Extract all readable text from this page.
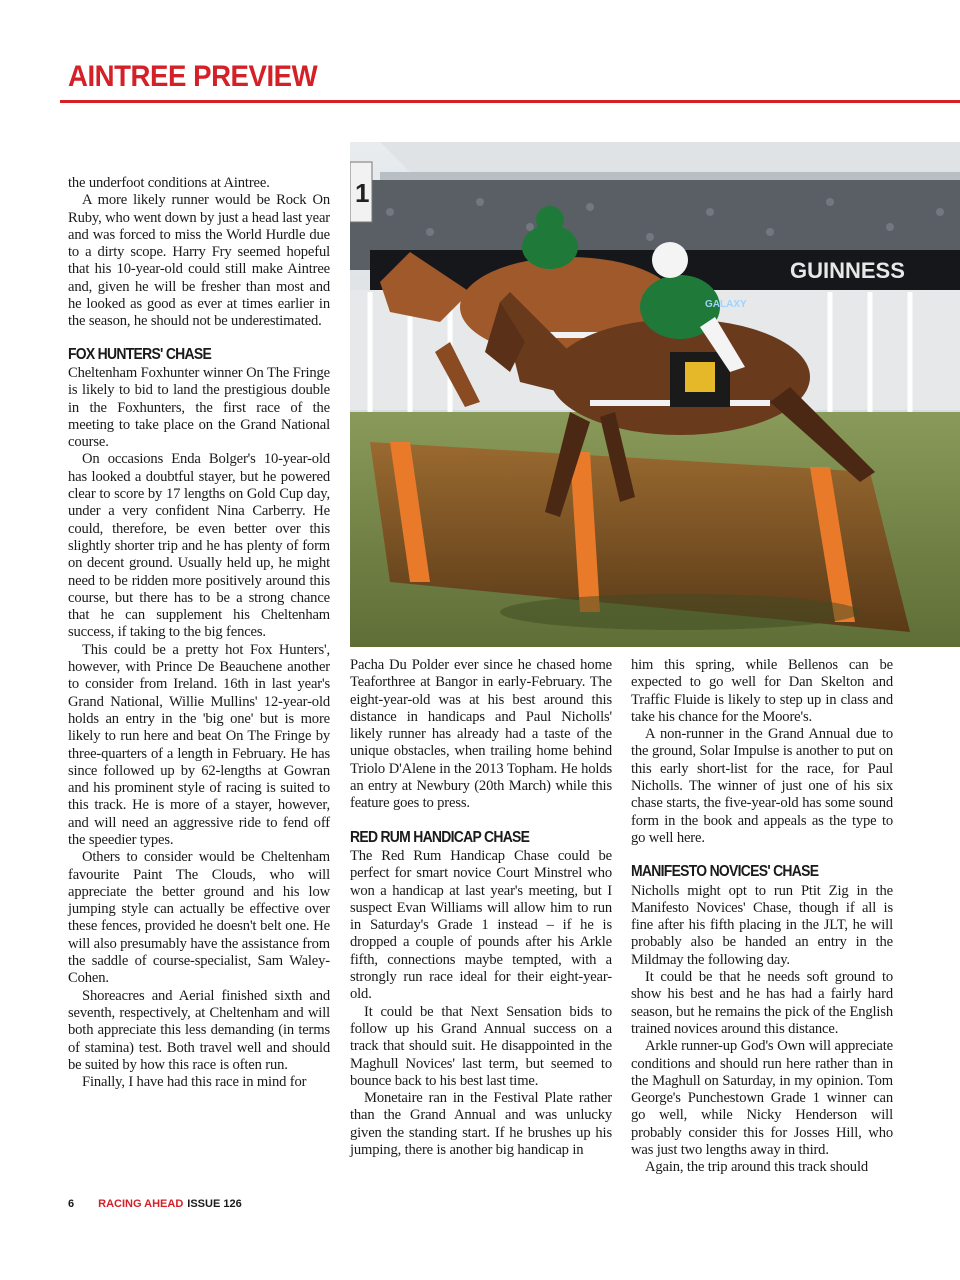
AINTREE PREVIEW
1
GUINNESS
GALAXY

the underfoot conditions at Aintree.

A more likely runner would be Rock On Ruby, who went down by just a head last year and was forced to miss the World Hurdle due to a dirty scope. Harry Fry seemed hopeful that his 10-year-old could still make Aintree and, given he will be fresher than most and he looked as good as ever at times earlier in the season, he should not be underestimated.

FOX HUNTERS' CHASE

Cheltenham Foxhunter winner On The Fringe is likely to bid to land the prestigious double in the Foxhunters, the first race of the meeting to take place on the Grand National course.

On occasions Enda Bolger's 10-year-old has looked a doubtful stayer, but he powered clear to score by 17 lengths on Gold Cup day, under a very confident Nina Carberry. He could, therefore, be even better over this slightly shorter trip and he has plenty of form on decent ground. Usually held up, he might need to be ridden more positively around this course, but there has to be a strong chance that he can supplement his Cheltenham success, if taking to the big fences.

This could be a pretty hot Fox Hunters', however, with Prince De Beauchene another to consider from Ireland. 16th in last year's Grand National, Willie Mullins' 12-year-old holds an entry in the 'big one' but is more likely to run here and beat On The Fringe by three-quarters of a length in February. He has since followed up by 62-lengths at Gowran and his prominent style of racing is suited to this track. He is more of a stayer, however, and will need an aggressive ride to fend off the speedier types.

Others to consider would be Cheltenham favourite Paint The Clouds, who will appreciate the better ground and his low jumping style can actually be effective over these fences, provided he doesn't belt one. He will also presumably have the assistance from the saddle of course-specialist, Sam Waley-Cohen.

Shoreacres and Aerial finished sixth and seventh, respectively, at Cheltenham and will both appreciate this less demanding (in terms of stamina) test. Both travel well and should be suited by how this race is often run.

Finally, I have had this race in mind for

Pacha Du Polder ever since he chased home Teaforthree at Bangor in early-February. The eight-year-old was at his best around this distance in handicaps and Paul Nicholls' likely runner has already had a taste of the unique obstacles, when trailing home behind Triolo D'Alene in the 2013 Topham. He holds an entry at Newbury (20th March) while this feature goes to press.

RED RUM HANDICAP CHASE

The Red Rum Handicap Chase could be perfect for smart novice Court Minstrel who won a handicap at last year's meeting, but I suspect Evan Williams will allow him to run in Saturday's Grade 1 instead – if he is dropped a couple of pounds after his Arkle fifth, connections maybe tempted, with a strongly run race ideal for their eight-year-old.

It could be that Next Sensation bids to follow up his Grand Annual success on a track that should suit. He disappointed in the Maghull Novices' last term, but seemed to bounce back to his best last time.

Monetaire ran in the Festival Plate rather than the Grand Annual and was unlucky given the standing start. If he brushes up his jumping, there is another big handicap in

him this spring, while Bellenos can be expected to go well for Dan Skelton and Traffic Fluide is likely to step up in class and take his chance for the Moore's.

A non-runner in the Grand Annual due to the ground, Solar Impulse is another to put on this early short-list for the race, for Paul Nicholls. The winner of just one of his six chase starts, the five-year-old has some sound form in the book and appeals as the type to go well here.

MANIFESTO NOVICES' CHASE

Nicholls might opt to run Ptit Zig in the Manifesto Novices' Chase, though if all is fine after his fifth placing in the JLT, he will probably also be handed an entry in the Mildmay the following day.

It could be that he needs soft ground to show his best and he has had a fairly hard season, but he remains the pick of the English trained novices around this distance.

Arkle runner-up God's Own will appreciate conditions and should run here rather than in the Maghull on Saturday, in my opinion. Tom George's Punchestown Grade 1 winner can go well, while Nicky Henderson will probably consider this for Josses Hill, who was just two lengths away in third.

Again, the trip around this track should

6 RACING AHEAD ISSUE 126
